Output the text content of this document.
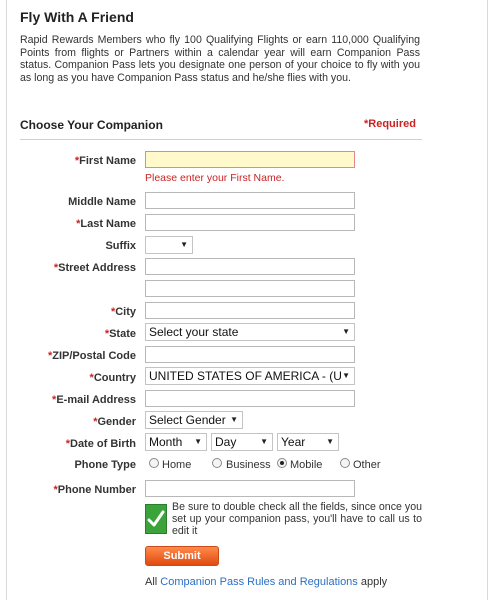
Fly With A Friend
Rapid Rewards Members who fly 100 Qualifying Flights or earn 110,000 Qualifying Points from flights or Partners within a calendar year will earn Companion Pass status. Companion Pass lets you designate one person of your choice to fly with you as long as you have Companion Pass status and he/she flies with you.
Choose Your Companion	*Required
*First Name
Please enter your First Name.
Middle Name
*Last Name
Suffix	▼
*Street Address
*City
*State	Select your state	▼
*ZIP/Postal Code
*Country	UNITED STATES OF AMERICA - (U ▼
*E-mail Address
*Gender	Select Gender ▼
*Date of Birth	Month ▼	Day	▼	Year	▼
Phone Type Home	Business Mobile	Other
*Phone Number
Be sure to double check all the fields, since once you set up your companion pass, you'll have to call us to edit it
Submit
All Companion Pass Rules and Regulations apply
